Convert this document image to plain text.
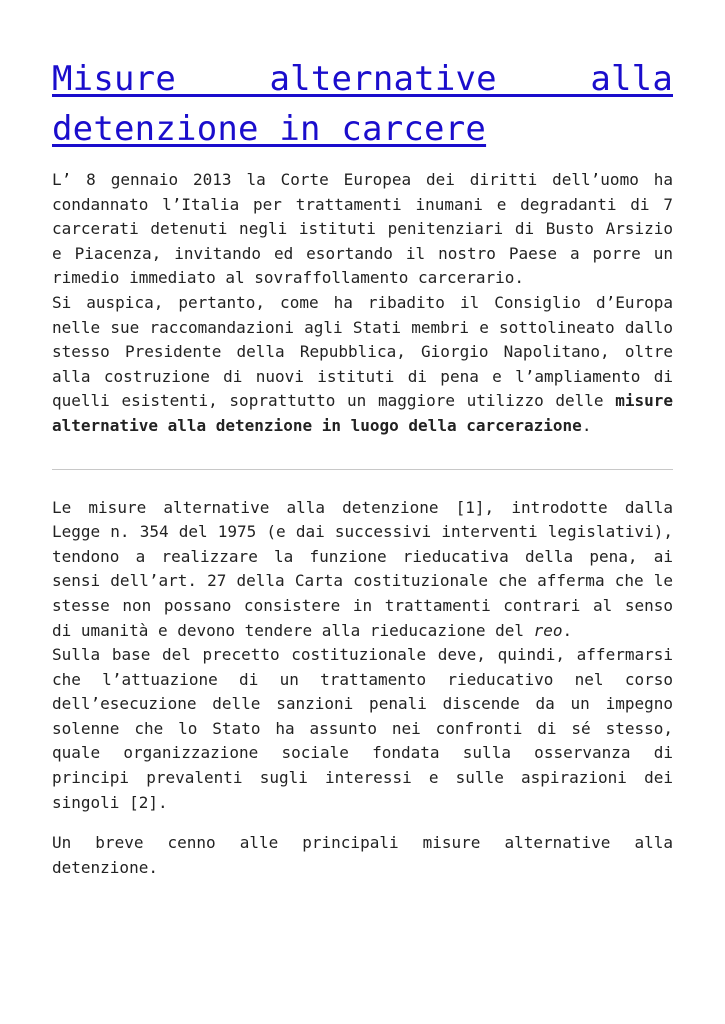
Misure alternative alla detenzione in carcere

L’ 8 gennaio 2013 la Corte Europea dei diritti dell’uomo ha condannato l’Italia per trattamenti inumani e degradanti di 7 carcerati detenuti negli istituti penitenziari di Busto Arsizio e Piacenza, invitando ed esortando il nostro Paese a porre un rimedio immediato al sovraffollamento carcerario.
Si auspica, pertanto, come ha ribadito il Consiglio d’Europa nelle sue raccomandazioni agli Stati membri e sottolineato dallo stesso Presidente della Repubblica, Giorgio Napolitano, oltre alla costruzione di nuovi istituti di pena e l’ampliamento di quelli esistenti, soprattutto un maggiore utilizzo delle misure alternative alla detenzione in luogo della carcerazione.

Le misure alternative alla detenzione [1], introdotte dalla Legge n. 354 del 1975 (e dai successivi interventi legislativi), tendono a realizzare la funzione rieducativa della pena, ai sensi dell’art. 27 della Carta costituzionale che afferma che le stesse non possano consistere in trattamenti contrari al senso di umanità e devono tendere alla rieducazione del reo.
Sulla base del precetto costituzionale deve, quindi, affermarsi che l’attuazione di un trattamento rieducativo nel corso dell’esecuzione delle sanzioni penali discende da un impegno solenne che lo Stato ha assunto nei confronti di sé stesso, quale organizzazione sociale fondata sulla osservanza di principi prevalenti sugli interessi e sulle aspirazioni dei singoli [2].

Un breve cenno alle principali misure alternative alla detenzione.
